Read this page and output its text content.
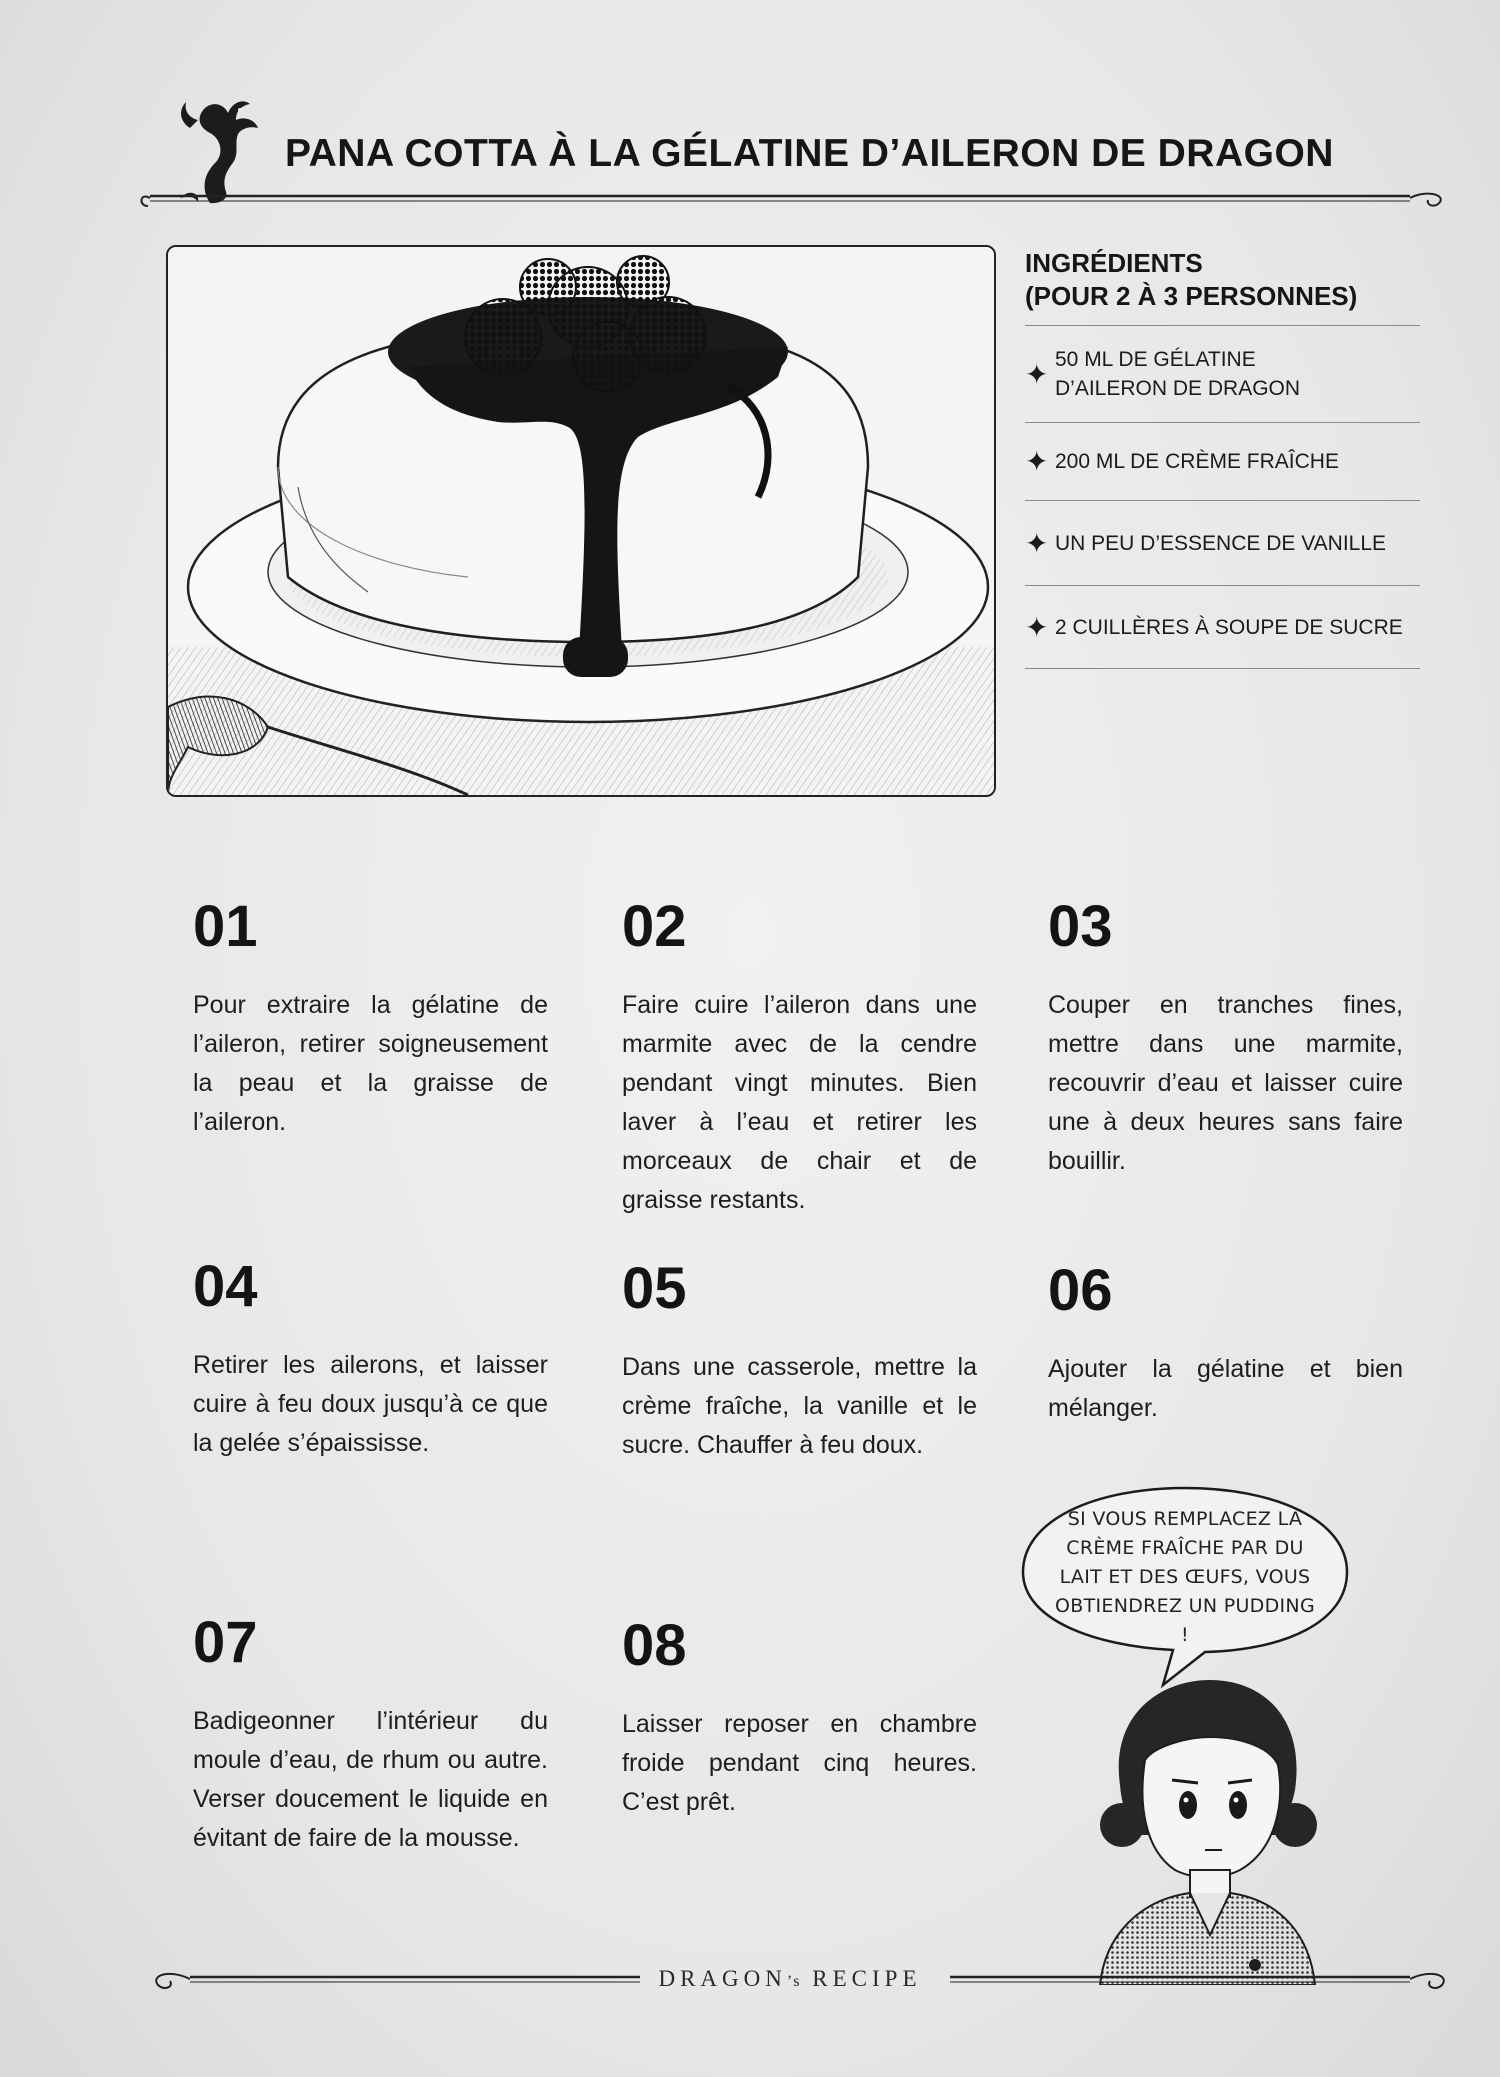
PANA COTTA À LA GÉLATINE D’AILERON DE DRAGON
INGRÉDIENTS
(POUR 2 À 3 PERSONNES)
✦ 50 ML DE GÉLATINE
D’AILERON DE DRAGON
✦ 200 ML DE CRÈME FRAÎCHE
✦ UN PEU D’ESSENCE DE VANILLE
✦ 2 CUILLÈRES À SOUPE DE SUCRE

01

Pour extraire la gélatine de l’aileron, retirer soigneusement la peau et la graisse de l’aileron.

02

Faire cuire l’aileron dans une marmite avec de la cendre pendant vingt minutes. Bien laver à l’eau et retirer les morceaux de chair et de graisse restants.

03

Couper en tranches fines, mettre dans une marmite, recouvrir d’eau et laisser cuire une à deux heures sans faire bouillir.

04

Retirer les ailerons, et laisser cuire à feu doux jusqu’à ce que la gelée s’épaississe.

05

Dans une casserole, mettre la crème fraîche, la vanille et le sucre. Chauffer à feu doux.

06

Ajouter la gélatine et bien mélanger.

07

Badigeonner l’intérieur du moule d’eau, de rhum ou autre. Verser doucement le liquide en évitant de faire de la mousse.

08

Laisser reposer en chambre froide pendant cinq heures. C’est prêt.

SI VOUS REMPLACEZ LA CRÈME FRAÎCHE PAR DU LAIT ET DES ŒUFS, VOUS OBTIENDREZ UN PUDDING !

DRAGON’s RECIPE
